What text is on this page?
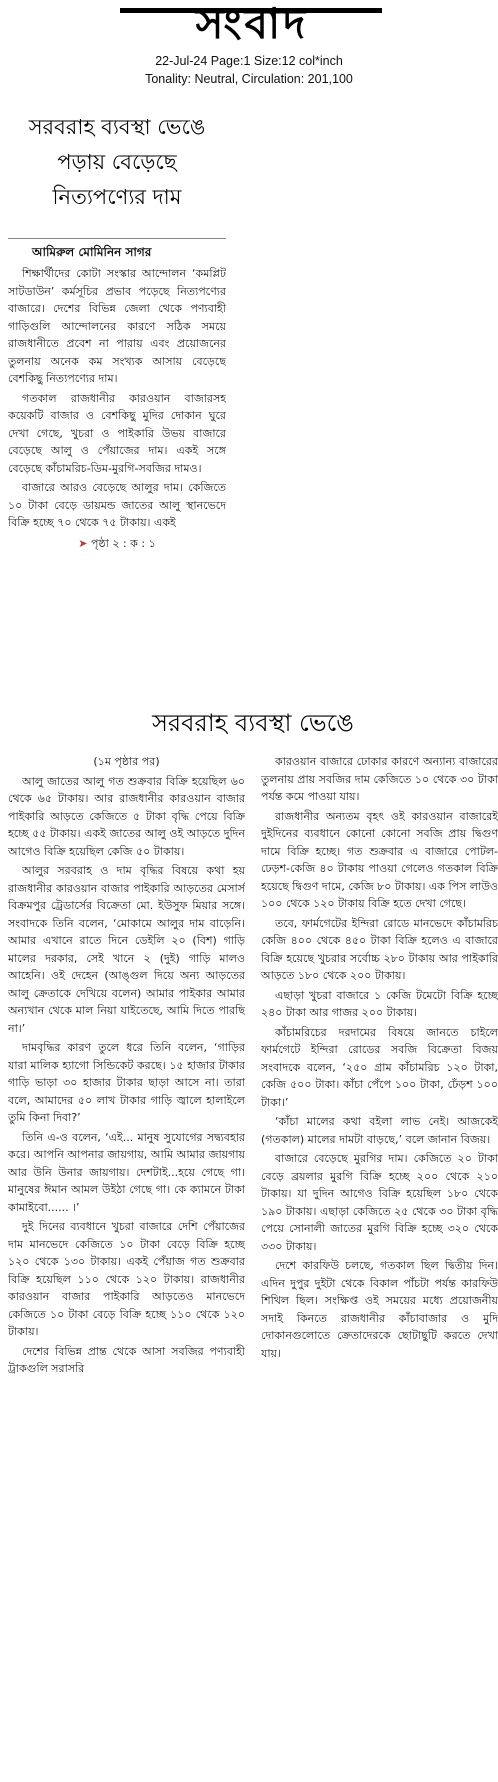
সংবাদ
22-Jul-24 Page:1 Size:12 col*inch
Tonality: Neutral, Circulation: 201,100
সরবরাহ ব্যবস্থা ভেঙে
পড়ায় বেড়েছে
নিত্যপণ্যের দাম
আমিরুল মোমিনিন সাগর

শিক্ষার্থীদের কোটা সংস্কার আন্দোলন ‘কমপ্লিট সাটডাউন’ কর্মসূচির প্রভাব পড়েছে নিত্যপণ্যের বাজারে। দেশের বিভিন্ন জেলা থেকে পণ্যবাহী গাড়িগুলি আন্দোলনের কারণে সঠিক সময়ে রাজধানীতে প্রবেশ না পারায় এবং প্রয়োজনের তুলনায় অনেক কম সংখ্যক আসায় বেড়েছে বেশকিছু নিত্যপণ্যের দাম।

গতকাল রাজধানীর কারওয়ান বাজারসহ কয়েকটি বাজার ও বেশকিছু মুদির দোকান ঘুরে দেখা গেছে, খুচরা ও পাইকারি উভয় বাজারে বেড়েছে আলু ও পেঁয়াজের দাম। একই সঙ্গে বেড়েছে কাঁচামরিচ-ডিম-মুরগি-সবজির দামও।

বাজারে আরও বেড়েছে আলুর দাম। কেজিতে ১০ টাকা বেড়ে ডায়মন্ড জাতের আলু স্থানভেদে বিক্রি হচ্ছে ৭০ থেকে ৭৫ টাকায়। একই

➤ পৃষ্ঠা ২ : ক : ১
সরবরাহ ব্যবস্থা ভেঙে

(১ম পৃষ্ঠার পর)

আলু জাতের আলু গত শুক্রবার বিক্রি হয়েছিল ৬০ থেকে ৬৫ টাকায়। আর রাজধানীর কারওয়ান বাজার পাইকারি আড়তে কেজিতে ৫ টাকা বৃদ্ধি পেয়ে বিক্রি হচ্ছে ৫৫ টাকায়। একই জাতের আলু ওই আড়তে দুদিন আগেও বিক্রি হয়েছিল কেজি ৫০ টাকায়।

আলুর সরবরাহ ও দাম বৃদ্ধির বিষয়ে কথা হয় রাজধানীর কারওয়ান বাজার পাইকারি আড়তের মেসার্স বিক্রমপুর ট্রেডার্সের বিক্রেতা মো. ইউসুফ মিয়ার সঙ্গে। সংবাদকে তিনি বলেন, ‘মোকামে আলুর দাম বাড়েনি। আমার এখানে রাতে দিনে ডেইলি ২০ (বিশ) গাড়ি মালের দরকার, সেই খানে ২ (দুই) গাড়ি মালও আহেনি। ওই দেহেন (আঙ্গুল দিয়ে অন্য আড়তের আলু ক্রেতাকে দেখিয়ে বলেন) আমার পাইকার আমার অন্যখান থেকে মাল নিয়া যাইতেছে, আমি দিতে পারছি না।’

দামবৃদ্ধির কারণ তুলে ধরে তিনি বলেন, ‘গাড়ির যারা মালিক হ্যাগো সিন্ডিকেট করছে। ১৫ হাজার টাকার গাড়ি ভাড়া ৩০ হাজার টাকার ছাড়া আসে না। তারা বলে, আমাদের ৫০ লাখ টাকার গাড়ি জ্বালে হালাইলে তুমি কিনা দিবা?’

তিনি এ-ও বলেন, ‘এই... মানুষ সুযোগের সদ্ব্যবহার করে। আপনি আপনার জায়গায়, আমি আমার জায়গায় আর উনি উনার জায়গায়। দেশটাই...হয়ে গেছে গা। মানুষের ঈমান আমল উইঠা গেছে গা। কে ক্যামনে টাকা কামাইবো...... ।’

দুই দিনের ব্যবধানে খুচরা বাজারে দেশি পেঁয়াজের দাম মানভেদে কেজিতে ১০ টাকা বেড়ে বিক্রি হচ্ছে ১২০ থেকে ১৩০ টাকায়। একই পেঁয়াজ গত শুক্রবার বিক্রি হয়েছিল ১১০ থেকে ১২০ টাকায়। রাজধানীর কারওয়ান বাজার পাইকারি আড়তেও মানভেদে কেজিতে ১০ টাকা বেড়ে বিক্রি হচ্ছে ১১০ থেকে ১২০ টাকায়।

দেশের বিভিন্ন প্রান্ত থেকে আসা সবজির পণ্যবাহী ট্রাকগুলি সরাসরি

কারওয়ান বাজারে ঢোকার কারণে অন্যান্য বাজারের তুলনায় প্রায় সবজির দাম কেজিতে ১০ থেকে ৩০ টাকা পর্যন্ত কমে পাওয়া যায়।

রাজধানীর অন্যতম বৃহৎ ওই কারওয়ান বাজারেই দুইদিনের ব্যবধানে কোনো কোনো সবজি প্রায় দ্বিগুণ দামে বিক্রি হচ্ছে। গত শুক্রবার এ বাজারে পোটল-ঢেড়শ-কেজি ৪০ টাকায় পাওয়া গেলেও গতকাল বিক্রি হয়েছে দ্বিগুণ দামে, কেজি ৮০ টাকায়। এক পিস লাউও ১০০ থেকে ১২০ টাকায় বিক্রি হতে দেখা গেছে।

তবে, ফার্মগেটের ইন্দিরা রোডে মানভেদে কাঁচামরিচ কেজি ৪০০ থেকে ৪৫০ টাকা বিক্রি হলেও এ বাজারে বিক্রি হয়েছে খুচরার সর্বোচ্চ ২৮০ টাকায় আর পাইকারি আড়তে ১৮০ থেকে ২০০ টাকায়।

এছাড়া খুচরা বাজারে ১ কেজি টমেটো বিক্রি হচ্ছে ২৪০ টাকা আর গাজর ২০০ টাকায়।

কাঁচামরিচের দরদামের বিষয়ে জানতে চাইলে ফার্মগেটে ইন্দিরা রোডের সবজি বিক্রেতা বিজয় সংবাদকে বলেন, ‘২৫০ গ্রাম কাঁচামরিচ ১২০ টাকা, কেজি ৫০০ টাকা। কাঁচা পেঁপে ১০০ টাকা, ঢেঁড়শ ১০০ টাকা।’

‘কাঁচা মালের কথা বইলা লাভ নেই। আজকেই (গতকাল) মালের দামটা বাড়ছে,’ বলে জানান বিজয়।

বাজারে বেড়েছে মুরগির দাম। কেজিতে ২০ টাকা বেড়ে ব্রয়লার মুরগি বিক্রি হচ্ছে ২০০ থেকে ২১০ টাকায়। যা দুদিন আগেও বিক্রি হয়েছিল ১৮০ থেকে ১৯০ টাকায়। এছাড়া কেজিতে ২৫ থেকে ৩০ টাকা বৃদ্ধি পেয়ে সোনালী জাতের মুরগি বিক্রি হচ্ছে ৩২০ থেকে ৩৩০ টাকায়।

দেশে কারফিউ চলছে, গতকাল ছিল দ্বিতীয় দিন। এদিন দুপুর দুইটা থেকে বিকাল পাঁচটা পর্যন্ত কারফিউ শিথিল ছিল। সংক্ষিপ্ত ওই সময়ের মধ্যে প্রয়োজনীয় সদাই কিনতে রাজধানীর কাঁচাবাজার ও মুদি দোকানগুলোতে ক্রেতাদেরকে ছোটাছুটি করতে দেখা যায়।
